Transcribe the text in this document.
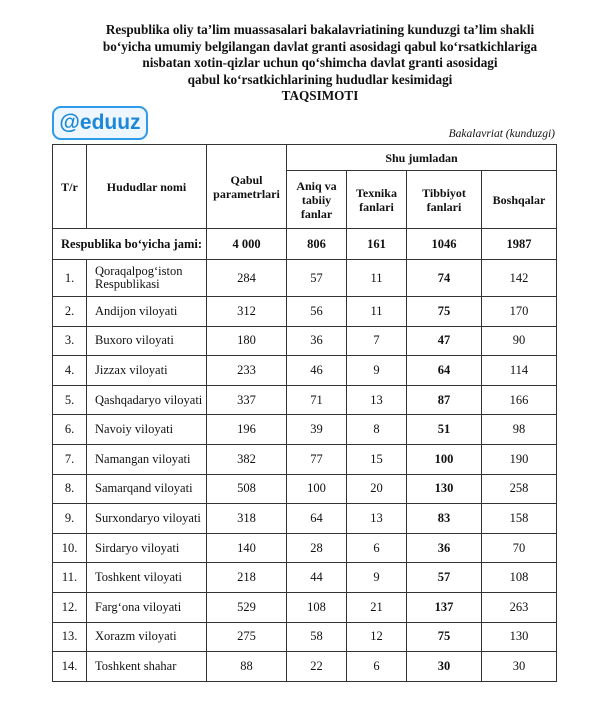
Respublika oliy ta’lim muassasalari bakalavriatining kunduzgi ta’lim shakli
bo‘yicha umumiy belgilangan davlat granti asosidagi qabul ko‘rsatkichlariga
nisbatan xotin-qizlar uchun qo‘shimcha davlat granti asosidagi
qabul ko‘rsatkichlarining hududlar kesimidagi
TAQSIMOTI
@eduuz	Bakalavriat (kunduzgi)
T/r	Hududlar nomi	Qabul parametrlari	Shu jumladan			
			Aniq va tabiiy fanlar	Texnika fanlari	Tibbiyot fanlari	Boshqalar
Respublika bo‘yicha jami:		4 000	806	161	1046	1987
1.	Qoraqalpog‘iston Respublikasi	284	57	11	74	142
2.	Andijon viloyati	312	56	11	75	170
3.	Buxoro viloyati	180	36	7	47	90
4.	Jizzax viloyati	233	46	9	64	114
5.	Qashqadaryo viloyati	337	71	13	87	166
6.	Navoiy viloyati	196	39	8	51	98
7.	Namangan viloyati	382	77	15	100	190
8.	Samarqand viloyati	508	100	20	130	258
9.	Surxondaryo viloyati	318	64	13	83	158
10.	Sirdaryo viloyati	140	28	6	36	70
11.	Toshkent viloyati	218	44	9	57	108
12.	Farg‘ona viloyati	529	108	21	137	263
13.	Xorazm viloyati	275	58	12	75	130
14.	Toshkent shahar	88	22	6	30	30
